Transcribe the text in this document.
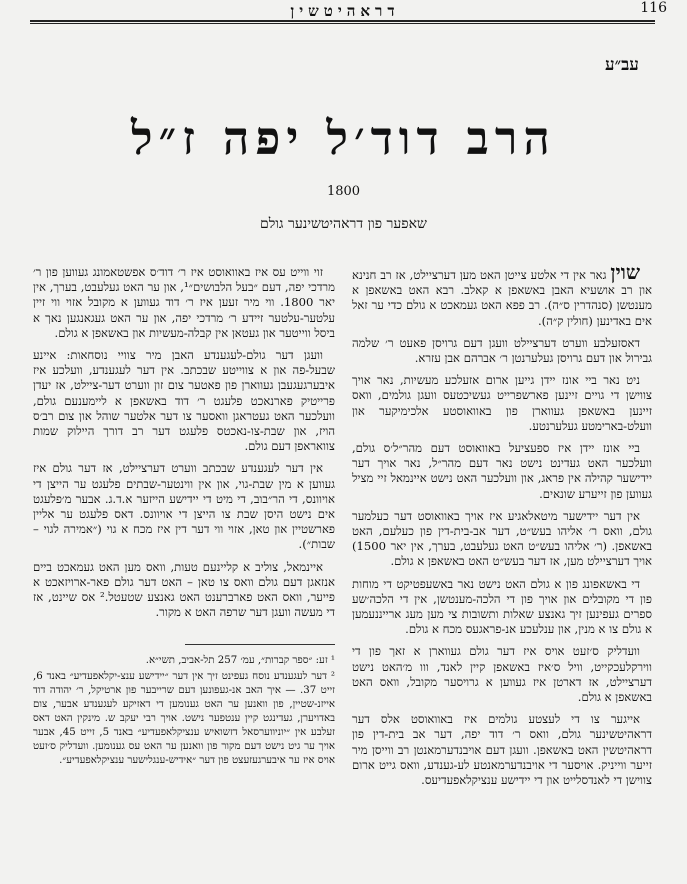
דראהיטשין	116
עב״ע
הרב דוד׳ל יפה ז״ל
1800
שאפער פון דראהיטשינער גולם

שוין גאר אין די אלטע צייטן האט מען דערציילט, אז רב חנינא און רב אושעיא האבן באשאפן א קאלב. רבא האט באשאפן א מענטשן (סנהדרין ס״ה). רב פפא האט געמאכט א גולם כדי ער זאל אים באדינען (חולין ק״ה).

דאסזעלבע ווערט דערציילט וועגן דעם גרויסן פאעט ר׳ שלמה גבירול און דעם גרויסן געלערנטן ר׳ אברהם אבן עזרא.

ניט נאר ביי אונז יידן גייען ארום אזעלכע מעשיות, נאר אויך צווישן די גויים זיינען פארשפרייט געשיכטעס וועגן גולמים, וואס זיינען באשאפן געווארן פון באוואוסטע אלכימיקער און וועלט-בארימטע געלערנטע.

ביי אונז יידן איז ספעציעל באוואוסט דעם מהר״ל׳ס גולם, וועלכער האט געדינט נישט נאר דעם מהר״ל, נאר אויך דער יידישער קהילה אין פראג, און וועלכער האט נישט איינמאל זיי מציל געווען פון זייערע שונאים.

אין דער יידישער מיטאלאגיע איז אויך באוואוסט דער כעלמער גולם, וואס ר׳ אליהו בעש״ט, דער אב-בית-דין פון כעלעם, האט באשאפן. (ר׳ אליהו בעש״ט האט געלעבט, בערך, אין יאר 1500) אויך דערציילט מען, אז דער בעש״ט האט באשאפן א גולם.

די באשאפונג פון א גולם האט נישט נאר באשעפטיקט די מוחות פון די מקובלים און אויך פון די הלכה-מענטשן, אין די הלכה׳שע ספרים געפינען זיך גאנצע שאלות ותשובות צי מען מעג ארייננעמען א גולם צו א מנין, און ענלעכע אנ-פראגעס מכח א גולם.

וועדליק ס׳זעט אויס איז דער גולם געווארן א זאך פון די ווירקלעכקייט, וויל ס׳איז באשאפן קיין לאנד, ווו מ׳האט נישט דערציילט, אז דארטן איז געווען א גרויסער מקובל, וואס האט באשאפן א גולם.

אייגער צו די לעצטע גולמים איז באוואוסט אלס דער דראהיטשינער גולם, וואס ר׳ דוד יפה, דער אב בית-דין פון דראהיטשין האט באשאפן. וועגן דעם אויבנדערמאנטן רב ווייסן מיר זייער ווייניק. אויסער די אויבנדערמאנטע לע-גענדע, וואס גייט ארום צווישן די לאנדסלייט און די יידישע ענציקלאפעדיעס.

זוי ווייט עס איז באוואוסט איז ר׳ דוד׳ס אפשטאמונג געווען פון ר׳ מרדכי יפה, דעם ״בעל הלבושים״¹, און ער האט געלעבט, בערך, אין יאר 1800. ווי מיר זעען איז ר׳ דוד געווען א מקובל אזוי ווי זיין עלטער-עלטער זיידע ר׳ מרדכי יפה, און ער האט געגאנגען נאך א ביסל ווייטער און געטאן אין קבלה-מעשיות און באשאפן א גולם.

וועגן דער גולם-לעגענדע האבן מיר צוויי נוסחאות: איינע שבעל-פה און א צווייטע שבכתב. אין דער לעגענדע, וועלכע איז איבערגעגעבן געווארן פון פאטער צום זון ווערט דער-ציילט, אז יעדן פרייטיק פארנאכט פלעגט ר׳ דוד באשאפן א ליימענעם גולם, וועלכער האט געטראגן וואסער צו דער אלטער שוהל און צום רב׳ס הויז, און שבת-צו-נאכטס פלעגט דער רב דורך היילוק שמות צוואראפן דעם גולם.

אין דער לעגענדע שבכתב ווערט דערציילט, אז דער גולם איז געווען א מין שבת-גוי, און אין ווינטער-שבתים פלעגט ער הייצן די אויוונס, די הר״בוב, די מיט די יידישע הייזער א.ד.ג. אבער מ׳פלעגט אים נישט היסן שבת צו הייצן די אויוונס. דאס פלעגט ער אליין פארשטיין און טאן, אזוי ווי דער דין איז מכח א גוי (״אמירה לגוי – שבות״).

איינמאל, צוליב א קליינעם טעות, וואס מען האט געמאכט ביים אנזאגן דעם גולם וואס צו טאן – האט דער גולם פאר-ארויזאכט א פייער, וואס האט פארברענט האט גאנצע שטעטל.² אס שיינט, אז די מעשה וועגן דער שרפה האט א מקור.

¹ זע: ״ספר קברות״, עמ׳ 257 תל-אביב, תשי״א.

² דער לעגענדע נוסח געפינט זיך אין דער ״יידישע ענצ-יקלאפעדיע״ באנד 6, זייט 37. — איך האב אנ-געפונען דעם שרייבער פון ארטיקל, ר׳ יהודה דוד אייזנ-שטיין, פון וואנען ער האט גענומען די דאזיקע לעגענדע אבער, צום באדויערן, געדינגט קיין ענטפער נישט. אויך רבי יעקב ש. מינקין האט דאס זעלבע אין ״יוניווערסאל דזשואיש ענציקלאפעדיע״ באנד 5, זייט 45, אבער אויך ער גיט נישט דעם מקור פון וואנען ער האט עס גענומען. וועדליק ס׳זעט אויס איז ער איבערגעזעצט פון דער ״אידיש-ענגלישער ענציקלאפעדיע״.
